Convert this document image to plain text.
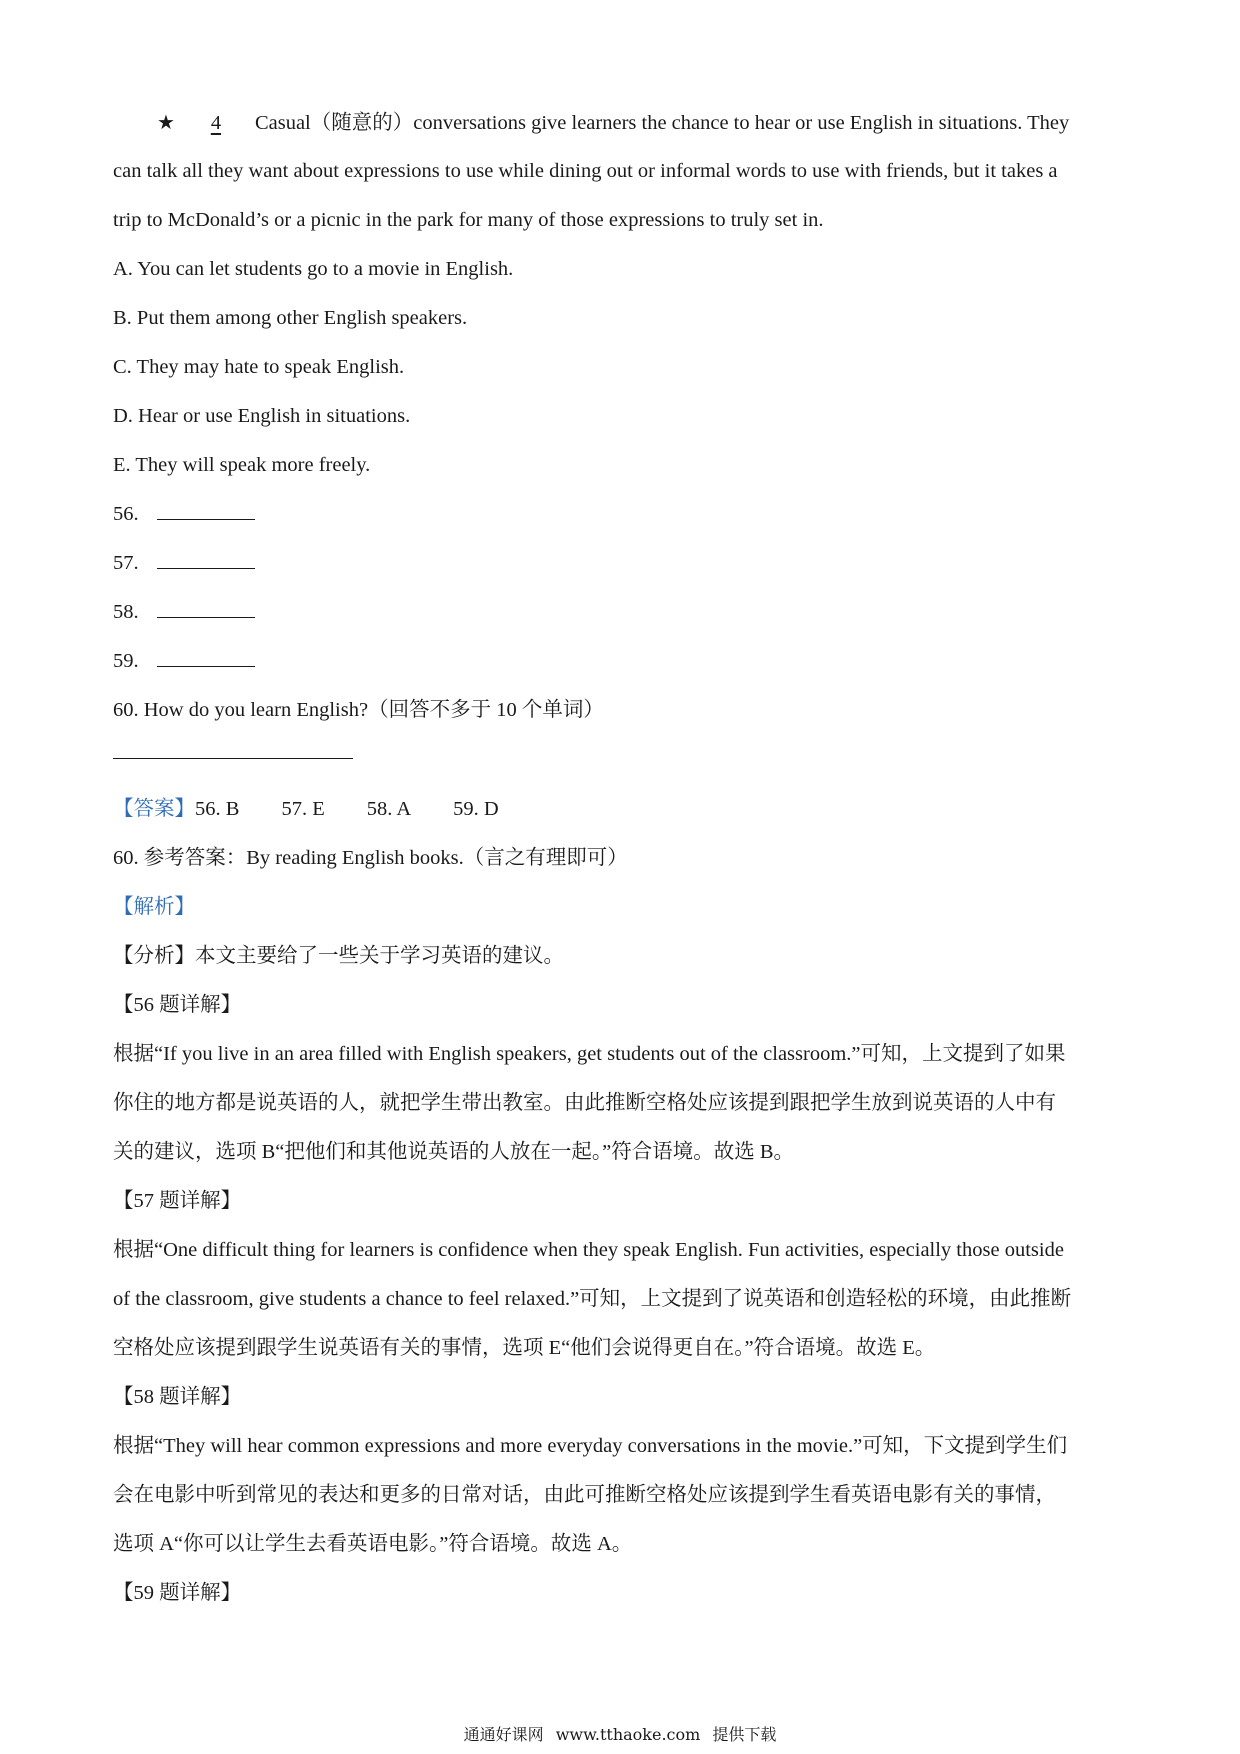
★ 4 Casual（随意的）conversations give learners the chance to hear or use English in situations. They
can talk all they want about expressions to use while dining out or informal words to use with friends, but it takes a
trip to McDonald’s or a picnic in the park for many of those expressions to truly set in.
A. You can let students go to a movie in English.
B. Put them among other English speakers.
C. They may hate to speak English.
D. Hear or use English in situations.
E. They will speak more freely.
56.
57.
58.
59.
60. How do you learn English?（回答不多于 10 个单词）
【答案】56. B 57. E 58. A 59. D
60. 参考答案：By reading English books.（言之有理即可）
【解析】
【分析】本文主要给了一些关于学习英语的建议。
【56 题详解】
根据“If you live in an area filled with English speakers, get students out of the classroom.”可知，上文提到了如果
你住的地方都是说英语的人，就把学生带出教室。由此推断空格处应该提到跟把学生放到说英语的人中有
关的建议，选项 B“把他们和其他说英语的人放在一起。”符合语境。故选 B。
【57 题详解】
根据“One difficult thing for learners is confidence when they speak English. Fun activities, especially those outside
of the classroom, give students a chance to feel relaxed.”可知，上文提到了说英语和创造轻松的环境，由此推断
空格处应该提到跟学生说英语有关的事情，选项 E“他们会说得更自在。”符合语境。故选 E。
【58 题详解】
根据“They will hear common expressions and more everyday conversations in the movie.”可知，下文提到学生们
会在电影中听到常见的表达和更多的日常对话，由此可推断空格处应该提到学生看英语电影有关的事情，
选项 A“你可以让学生去看英语电影。”符合语境。故选 A。
【59 题详解】
通通好课网 www.tthaoke.com 提供下载
